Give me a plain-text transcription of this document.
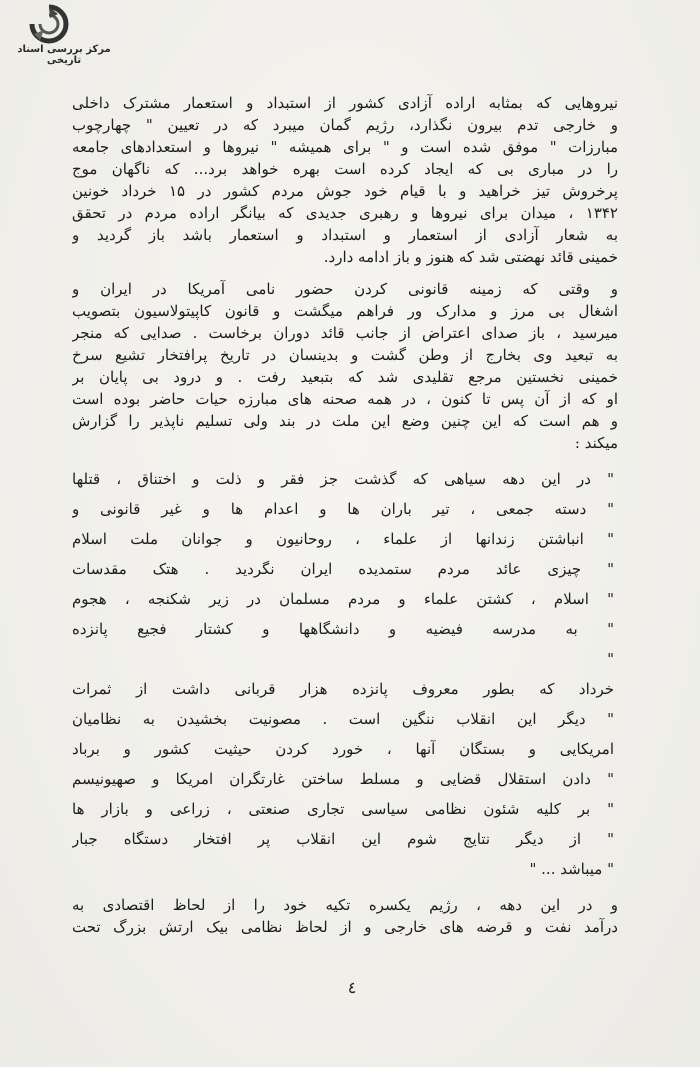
مرکز بررسی اسناد تاریخی
نیروهایی که بمثابه اراده آزادی کشور از استبداد و استعمار مشترک داخلی
و خارجی تدم بیرون نگذارد، رژیم گمان میبرد که در تعیین " چهارچوب
مبارزات " موفق شده است و " برای همیشه " نیروها و استعدادهای جامعه
را در مباری بی که ایجاد کرده است بهره خواهد برد... که ناگهان موج
پرخروش تیز خراهید و با قیام خود جوش مردم کشور در ۱۵ خرداد خونین
۱۳۴۲ ، میدان برای نیروها و رهبری جدیدی که بیانگر اراده مردم در تحقق
به شعار آزادی از استعمار و استبداد و استعمار باشد باز گردید و
خمینی قائد نهضتی شد که هنوز و باز ادامه دارد.
و وقتی که زمینه قانونی کردن حضور نامی آمریکا در ایران و
اشغال بی مرز و مدارک ور فراهم میگشت و قانون کاپیتولاسیون بتصویب
میرسید ، باز صدای اعتراض از جانب قائد دوران برخاست . صدایی که منجر
به تبعید وی بخارج از وطن گشت و بدینسان در تاریخ پرافتخار تشیع سرخ
خمینی نخستین مرجع تقلیدی شد که بتبعید رفت . و درود بی پایان بر
او که از آن پس تا کنون ، در همه صحنه های مبارزه حیات حاضر بوده است
و هم است که این چنین وضع این ملت در بند ولی تسلیم ناپذیر را گزارش
میکند :
" در این دهه سیاهی که گذشت جز فقر و ذلت و اختناق ، قتلها
" دسته جمعی ، تیر باران ها و اعدام ها و غیر قانونی و
" انباشتن زندانها از علماء ، روحانیون و جوانان ملت اسلام
" چیزی عائد مردم ستمدیده ایران نگردید . هتک مقدسات
" اسلام ، کشتن علماء و مردم مسلمان در زیر شکنجه ، هجوم
" به مدرسه فیضیه و دانشگاهها و کشتار فجیع پانزده
"
خرداد که بطور معروف پانزده هزار قربانی داشت از ثمرات
" دیگر این انقلاب ننگین است . مصونیت بخشیدن به نظامیان
امریکایی و بستگان آنها ، خورد کردن حیثیت کشور و برباد
" دادن استقلال قضایی و مسلط ساختن غارتگران امریکا و صهیونیسم
" بر کلیه شئون نظامی سیاسی تجاری صنعتی ، زراعی و بازار ها
" از دیگر نتایج شوم این انقلاب پر افتخار دستگاه جبار
" میباشد ... "
و در این دهه ، رژیم یکسره تکیه خود را از لحاظ اقتصادی به
درآمد نفت و قرضه های خارجی و از لحاظ نظامی بیک ارتش بزرگ تحت
٤
